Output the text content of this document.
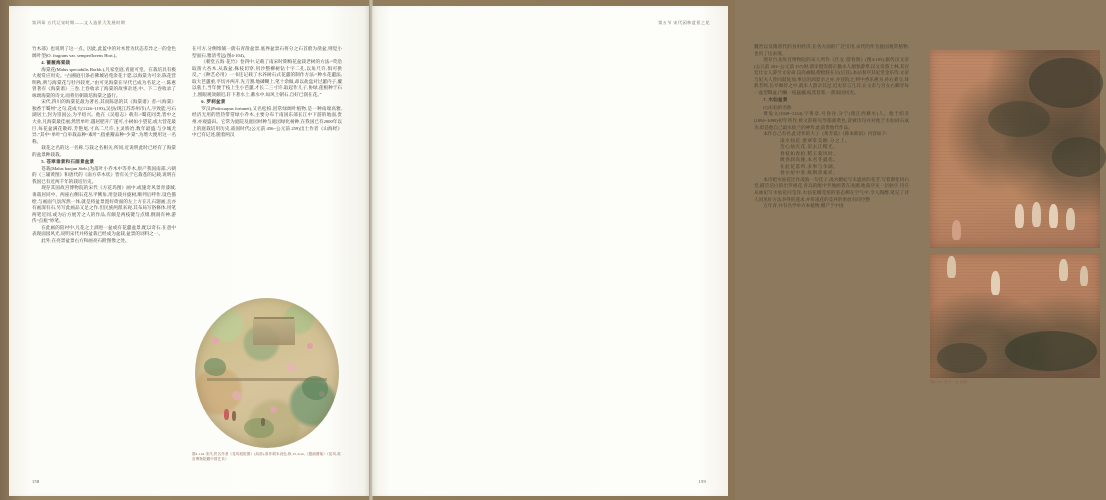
第四章 五代辽宋时期——文人造景大发展时期

竹木部》也说明了这一点。因此,此蓝中的对木皆为状态差异之一的金色阔叶型(O. fragrans var. semperflorens Hort.)。

4. 蔷薇海棠栽

海棠花(Malus spectabilis Borkh.),凡家堂庭,青庭可堂。在栽培具有极大观赏应用史。“古圃庭引条必佛城岩苑余花十愿,以海棠为可亲,陈花营明秋,则与海棠花与牡丹较更。”由可见海棠在早代已成为名花之一,陈惠曾著有《海棠谱》三卷,上卷收录了海棠的故事杂述,中、下二卷收录了咏颂海棠的诗文,而将历朝栽培海棠之盛行。

宋代,四川的海棠花最为著名,其而陈思的其《海棠谱》者:“《海棠》独香于蜀州”之句,花成大(1126~1193),吴县(现江苏苏州市)人,字致能,号石湖居士,封为崇国公,为平绍兴。他在《吴船志》载有:“蜀花同类,皆中之大业,凡海棠最佳丽,然皆单叶,越居肥开广遂可,小树如小望花,或大营花最巨,每花盆满花散碎,芳艳尾,寸高二尺许,主灵娇冶,数年最盛,与少城尤异,”其中“单叶”自举栽品种“素叶”,指重瓣品种“少棠”,为增大便用这一名称。

栽花之名的这一名称,与栽之名相关,所同,近说明此时已经有了海棠的盆景种栽栽。

5. 苍翠垂景和石画景盆景

苍栽(Malus baojun Sieb.)为落叶小乔木中等乔木,原产我国南部,六朝的《三辅黄图》和唐代的《南方草木状》皆有关于它栽苍的记载,说明在我国已有近两千年的栽培历史。

现存其国故宫博物院的宋代《方花坞图》画中,或施奇风景青漆城,垂栽居同中、两座右侧石花丛平侧角,用登栽并旋树,顺列后呼作,设色描绘,与画面气氛浑然一体,就是将盆景置好倚面的左上方在几石题画,且亦有画深有石,另写此画品又足之作,但民族两派来观,其布局写俗修体,用笔两笔近同,或为后方展芳之人的作品,有颇是两枝键与点缀,倒润有神,游传“点瓶”妙笔。

在此画的陪衬中,凡花之上酒进一盆或有花蕙盆景,配以奇石,在意中表现面园风光,说明宋代并将盆栽已经成为盆栽,盆景的词料之一。

此外,在亮景盆景右方和画亮石附图像之处。

在可方,分侧堆铺一蔚石青凿盆景,底界盆景石将分之石首蔚为凿盆,则觉小型面石,雅清考远(图4-104)。

《朝堂五海·花竹》卷四中,记载了南宋时期梅花盆栽老树的方法:“荧沿取凿大杏木,从栽盆,株枝切穿,用沙整柳树钻十字二孔,以角尺许,俱可供反。”《种艺必用》一书还记载了水养树石式花蕙的制作方法:“种水花蕙法,取大芭蕙重,平切并两开,先刀割,地磷糊上,笔十余做,却以盐盘对过蕙内子,覆以墓土,当年便于枝上生小芭蕙,才长二三寸许,取起作儿子,协绿,莲根种于石上,围眼观效颇近,轩下著水上,蓄水中,如风土朝石,自好已润在花。”

6. 罗刹盆景

罗汉(Podocarpus fortunei),又名松柏,因常绿阔叶植物,是一种南端高雅,经济无用的皆热带常绿小乔木,主要分布于南国东部长江中下游的地面,贵州,亦观盛田。它常为庭院及庭园材种与庭园绿化树种,在我国已有2000年以上的庭栽培用历史,战国时代(公元前 456~公元前 259)出土作者《山海经》中已有记述,随着两汉

图4-104 宋代,佚名作者《花坞庭院图》(局部),原作绢本设色,纵 25.4cm,《题画图轴》《花坞,故宫博物院藏中国艺术》
158
第五节 宋代园林盆景之花

魏晋以及隋唐代的食用经济,在各方面的广泛引用,宋代的作为庭园观赏植物,也用了这表现。

现存台北故宫博物院的宋人所作《仕女·游春图》(图4-105),据传汉文帝(公元前 202~公元前 157)时,诸亲置崇游正徽水人烟春游季,汉文帝游上林,其宫廷仕女人游空文帝命,良高画幅,摺绘朕在后(后首),本站春序其妃堂金乐待,文帝与妃夫人曾同鼓复加,事后的酒宴亲之亦,并登院之,则中香乐惠为,孙右难交,珍典若鸣,长亭佩侍之中,就未人游亲其足,近史荐言儿其,在文帝与宫女右卿旁每一盆型陶盆,内懒一枝猛橘,枝茂苍邪,一派南国风光。

7. 水仙盆景

(1)水仙的名称

黄兔文(1049~1134),字鲁章,号昏谷,分宁(现江西修水)人。他于绍圣(1094~1098)初年所作,被文辞称见琴都颜黄色,读被诗句并对他于水仙词石成为,似是他自己最水仙兰的神传,此前皆他代作品。

本作自己有名,此诗作的大子《黄芳篇》《称本称似》内容如下:

凌水仙花,要翠掌美捆,分之上。
会心灿光花,似去江帽光。
春枝如春拍,稻玉菱风时。
吸春润高娅,本君冬露优。
在此花落所,多事与争湖。
春尔屋中客,纸钢余素祥。

本诗把水仙花比作凌波一句佳子,凌水媚妃写未盛放的花芳,写着期化何石堂,描首洁白的出罗裙花,青岛的配中罗地鸥菁在凌湘,地栽序见一层曲字,诗在从咏妃写水仙花问莹洋,水仙花娜莞浓的姿态柳在空气中,令人陶醉,笔记了诗人同见好方法李得的遂求,并将凌花的竞养的果放有同空整

万年青,并有名学举卉本植物,赠产于中国

图4-105 宋代,《仕女图》
159
